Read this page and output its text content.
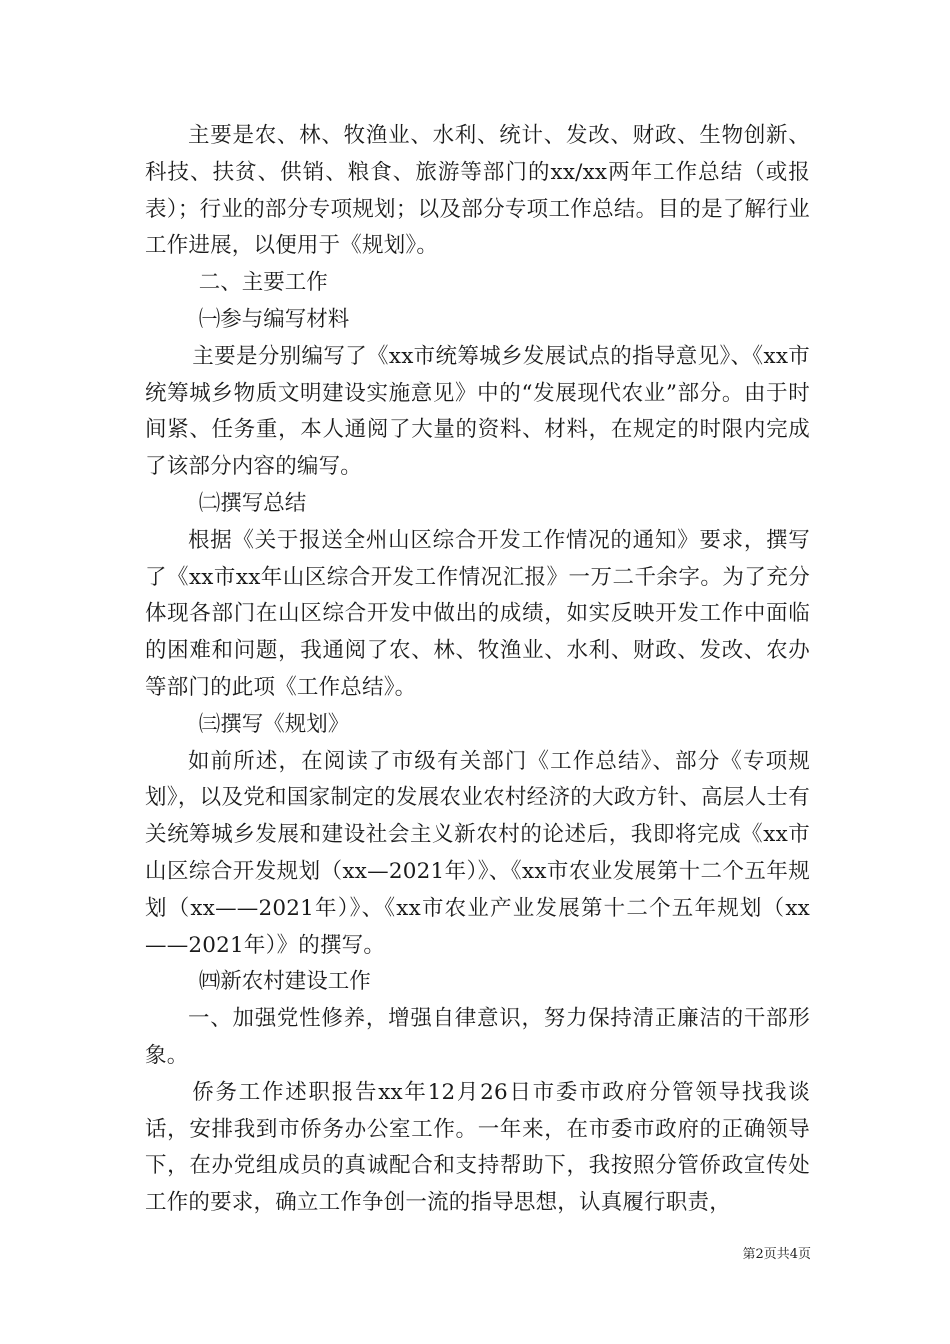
主要是农、林、牧渔业、水利、统计、发改、财政、生物创新、科技、扶贫、供销、粮食、旅游等部门的xx/xx两年工作总结（或报表）；行业的部分专项规划；以及部分专项工作总结。目的是了解行业工作进展，以便用于《规划》。

二、主要工作

㈠参与编写材料

主要是分别编写了《xx市统筹城乡发展试点的指导意见》、《xx市统筹城乡物质文明建设实施意见》中的“发展现代农业”部分。由于时间紧、任务重，本人通阅了大量的资料、材料，在规定的时限内完成了该部分内容的编写。

㈡撰写总结

根据《关于报送全州山区综合开发工作情况的通知》要求，撰写了《xx市xx年山区综合开发工作情况汇报》一万二千余字。为了充分体现各部门在山区综合开发中做出的成绩，如实反映开发工作中面临的困难和问题，我通阅了农、林、牧渔业、水利、财政、发改、农办等部门的此项《工作总结》。

㈢撰写《规划》

如前所述，在阅读了市级有关部门《工作总结》、部分《专项规划》，以及党和国家制定的发展农业农村经济的大政方针、高层人士有关统筹城乡发展和建设社会主义新农村的论述后，我即将完成《xx市山区综合开发规划（xx—2021年）》、《xx市农业发展第十二个五年规划（xx——2021年）》、《xx市农业产业发展第十二个五年规划（xx——2021年）》的撰写。

㈣新农村建设工作

一、加强党性修养，增强自律意识，努力保持清正廉洁的干部形象。

侨务工作述职报告xx年12月26日市委市政府分管领导找我谈话，安排我到市侨务办公室工作。一年来，在市委市政府的正确领导下，在办党组成员的真诚配合和支持帮助下，我按照分管侨政宣传处工作的要求，确立工作争创一流的指导思想，认真履行职责，

第2页共4页
